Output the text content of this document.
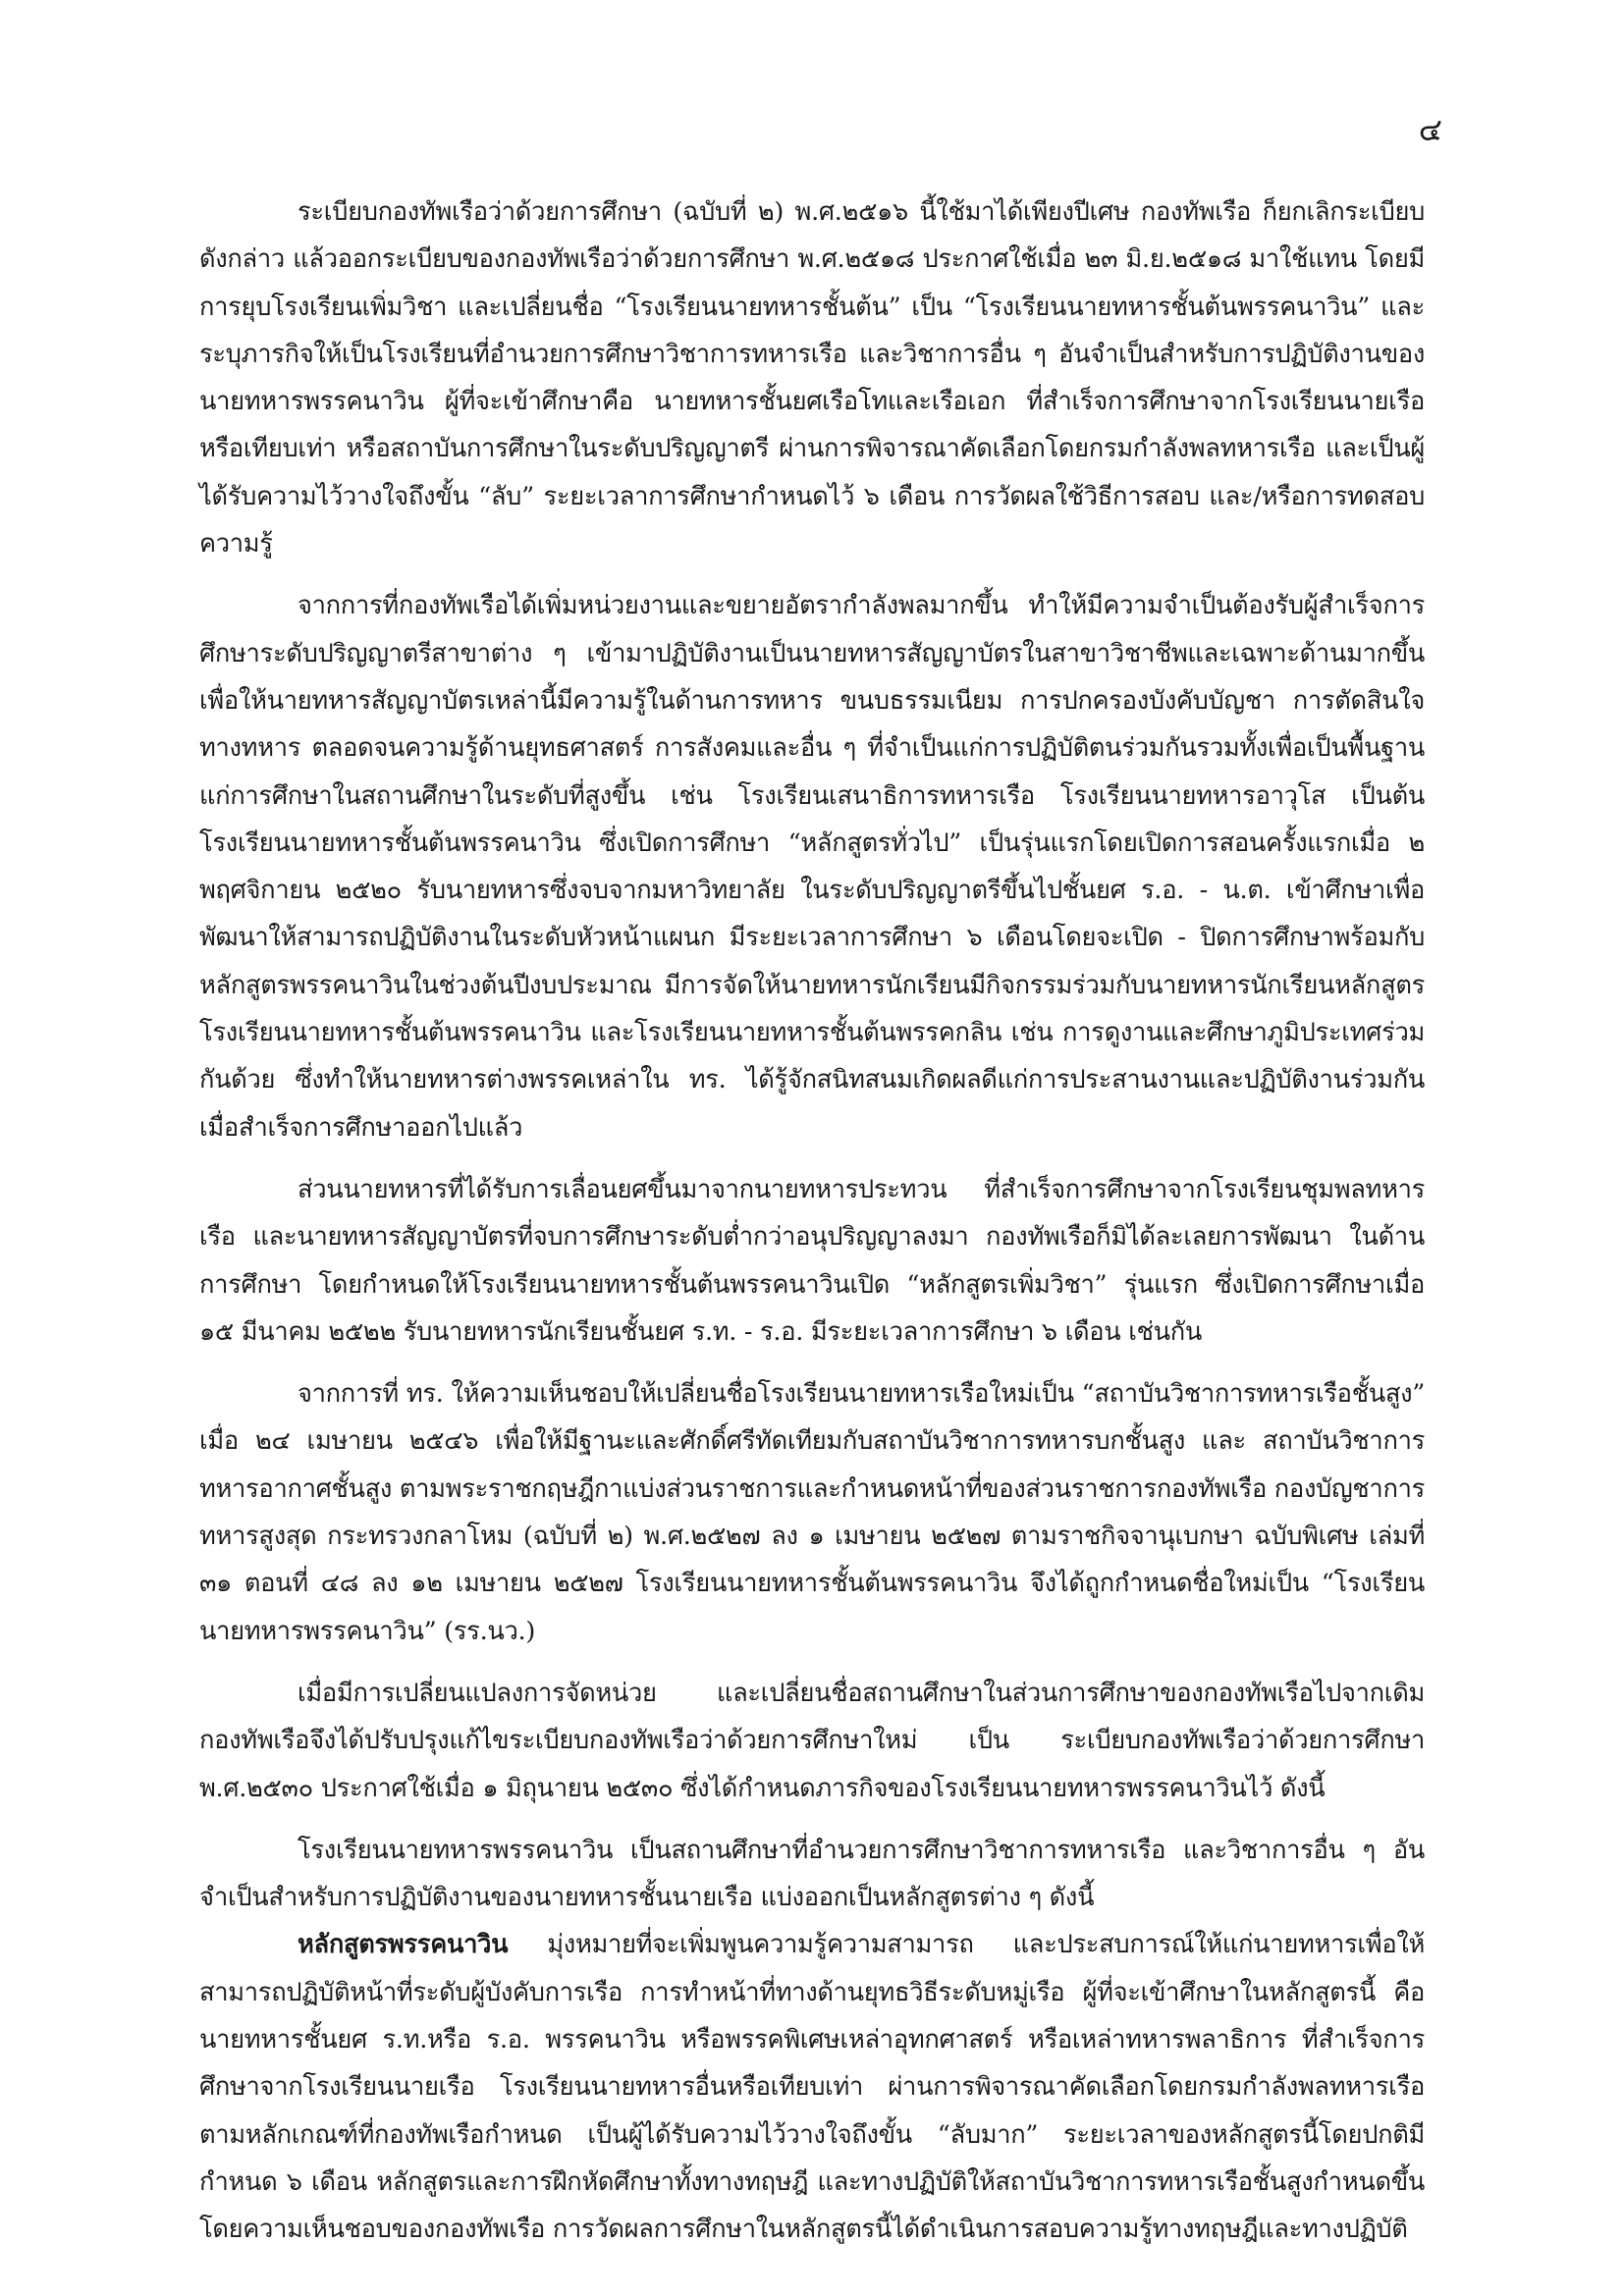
๔

ระเบียบกองทัพเรือว่าด้วยการศึกษา (ฉบับที่ ๒) พ.ศ.๒๕๑๖ นี้ใช้มาได้เพียงปีเศษ กองทัพเรือ ก็ยกเลิกระเบียบดังกล่าว แล้วออกระเบียบของกองทัพเรือว่าด้วยการศึกษา พ.ศ.๒๕๑๘ ประกาศใช้เมื่อ ๒๓ มิ.ย.๒๕๑๘ มาใช้แทน โดยมีการยุบโรงเรียนเพิ่มวิชา และเปลี่ยนชื่อ “โรงเรียนนายทหารชั้นต้น” เป็น “โรงเรียนนายทหารชั้นต้นพรรคนาวิน” และระบุภารกิจให้เป็นโรงเรียนที่อำนวยการศึกษาวิชาการทหารเรือ และวิชาการอื่น ๆ อันจำเป็นสำหรับการปฏิบัติงานของนายทหารพรรคนาวิน ผู้ที่จะเข้าศึกษาคือ นายทหารชั้นยศเรือโทและเรือเอก ที่สำเร็จการศึกษาจากโรงเรียนนายเรือหรือเทียบเท่า หรือสถาบันการศึกษาในระดับปริญญาตรี ผ่านการพิจารณาคัดเลือกโดยกรมกำลังพลทหารเรือ และเป็นผู้ได้รับความไว้วางใจถึงขั้น “ลับ” ระยะเวลาการศึกษากำหนดไว้ ๖ เดือน การวัดผลใช้วิธีการสอบ และ/หรือการทดสอบความรู้

จากการที่กองทัพเรือได้เพิ่มหน่วยงานและขยายอัตรากำลังพลมากขึ้น ทำให้มีความจำเป็นต้องรับผู้สำเร็จการศึกษาระดับปริญญาตรีสาขาต่าง ๆ เข้ามาปฏิบัติงานเป็นนายทหารสัญญาบัตรในสาขาวิชาชีพและเฉพาะด้านมากขึ้น เพื่อให้นายทหารสัญญาบัตรเหล่านี้มีความรู้ในด้านการทหาร ขนบธรรมเนียม การปกครองบังคับบัญชา การตัดสินใจทางทหาร ตลอดจนความรู้ด้านยุทธศาสตร์ การสังคมและอื่น ๆ ที่จำเป็นแก่การปฏิบัติตนร่วมกันรวมทั้งเพื่อเป็นพื้นฐานแก่การศึกษาในสถานศึกษาในระดับที่สูงขึ้น เช่น โรงเรียนเสนาธิการทหารเรือ โรงเรียนนายทหารอาวุโส เป็นต้น โรงเรียนนายทหารชั้นต้นพรรคนาวิน ซึ่งเปิดการศึกษา “หลักสูตรทั่วไป” เป็นรุ่นแรกโดยเปิดการสอนครั้งแรกเมื่อ ๒ พฤศจิกายน ๒๕๒๐ รับนายทหารซึ่งจบจากมหาวิทยาลัย ในระดับปริญญาตรีขึ้นไปชั้นยศ ร.อ. - น.ต. เข้าศึกษาเพื่อพัฒนาให้สามารถปฏิบัติงานในระดับหัวหน้าแผนก มีระยะเวลาการศึกษา ๖ เดือนโดยจะเปิด - ปิดการศึกษาพร้อมกับหลักสูตรพรรคนาวินในช่วงต้นปีงบประมาณ มีการจัดให้นายทหารนักเรียนมีกิจกรรมร่วมกับนายทหารนักเรียนหลักสูตรโรงเรียนนายทหารชั้นต้นพรรคนาวิน และโรงเรียนนายทหารชั้นต้นพรรคกลิน เช่น การดูงานและศึกษาภูมิประเทศร่วมกันด้วย ซึ่งทำให้นายทหารต่างพรรคเหล่าใน ทร. ได้รู้จักสนิทสนมเกิดผลดีแก่การประสานงานและปฏิบัติงานร่วมกันเมื่อสำเร็จการศึกษาออกไปแล้ว

ส่วนนายทหารที่ได้รับการเลื่อนยศขึ้นมาจากนายทหารประทวน ที่สำเร็จการศึกษาจากโรงเรียนชุมพลทหารเรือ และนายทหารสัญญาบัตรที่จบการศึกษาระดับต่ำกว่าอนุปริญญาลงมา กองทัพเรือก็มิได้ละเลยการพัฒนา ในด้านการศึกษา โดยกำหนดให้โรงเรียนนายทหารชั้นต้นพรรคนาวินเปิด “หลักสูตรเพิ่มวิชา” รุ่นแรก ซึ่งเปิดการศึกษาเมื่อ ๑๕ มีนาคม ๒๕๒๒ รับนายทหารนักเรียนชั้นยศ ร.ท. - ร.อ. มีระยะเวลาการศึกษา ๖ เดือน เช่นกัน

จากการที่ ทร. ให้ความเห็นชอบให้เปลี่ยนชื่อโรงเรียนนายทหารเรือใหม่เป็น “สถาบันวิชาการทหารเรือชั้นสูง” เมื่อ ๒๔ เมษายน ๒๕๔๖ เพื่อให้มีฐานะและศักดิ์ศรีทัดเทียมกับสถาบันวิชาการทหารบกชั้นสูง และ สถาบันวิชาการทหารอากาศชั้นสูง ตามพระราชกฤษฎีกาแบ่งส่วนราชการและกำหนดหน้าที่ของส่วนราชการกองทัพเรือ กองบัญชาการทหารสูงสุด กระทรวงกลาโหม (ฉบับที่ ๒) พ.ศ.๒๕๒๗ ลง ๑ เมษายน ๒๕๒๗ ตามราชกิจจานุเบกษา ฉบับพิเศษ เล่มที่ ๓๑ ตอนที่ ๔๘ ลง ๑๒ เมษายน ๒๕๒๗ โรงเรียนนายทหารชั้นต้นพรรคนาวิน จึงได้ถูกกำหนดชื่อใหม่เป็น “โรงเรียนนายทหารพรรคนาวิน” (รร.นว.)

เมื่อมีการเปลี่ยนแปลงการจัดหน่วย และเปลี่ยนชื่อสถานศึกษาในส่วนการศึกษาของกองทัพเรือไปจากเดิมกองทัพเรือจึงได้ปรับปรุงแก้ไขระเบียบกองทัพเรือว่าด้วยการศึกษาใหม่ เป็น ระเบียบกองทัพเรือว่าด้วยการศึกษา พ.ศ.๒๕๓๐ ประกาศใช้เมื่อ ๑ มิถุนายน ๒๕๓๐ ซึ่งได้กำหนดภารกิจของโรงเรียนนายทหารพรรคนาวินไว้ ดังนี้

โรงเรียนนายทหารพรรคนาวิน เป็นสถานศึกษาที่อำนวยการศึกษาวิชาการทหารเรือ และวิชาการอื่น ๆ อันจำเป็นสำหรับการปฏิบัติงานของนายทหารชั้นนายเรือ แบ่งออกเป็นหลักสูตรต่าง ๆ ดังนี้

หลักสูตรพรรคนาวิน มุ่งหมายที่จะเพิ่มพูนความรู้ความสามารถ และประสบการณ์ให้แก่นายทหารเพื่อให้สามารถปฏิบัติหน้าที่ระดับผู้บังคับการเรือ การทำหน้าที่ทางด้านยุทธวิธีระดับหมู่เรือ ผู้ที่จะเข้าศึกษาในหลักสูตรนี้ คือ นายทหารชั้นยศ ร.ท.หรือ ร.อ. พรรคนาวิน หรือพรรคพิเศษเหล่าอุทกศาสตร์ หรือเหล่าทหารพลาธิการ ที่สำเร็จการศึกษาจากโรงเรียนนายเรือ โรงเรียนนายทหารอื่นหรือเทียบเท่า ผ่านการพิจารณาคัดเลือกโดยกรมกำลังพลทหารเรือตามหลักเกณฑ์ที่กองทัพเรือกำหนด เป็นผู้ได้รับความไว้วางใจถึงขั้น “ลับมาก” ระยะเวลาของหลักสูตรนี้โดยปกติมีกำหนด ๖ เดือน หลักสูตรและการฝึกหัดศึกษาทั้งทางทฤษฎี และทางปฏิบัติให้สถาบันวิชาการทหารเรือชั้นสูงกำหนดขึ้น โดยความเห็นชอบของกองทัพเรือ การวัดผลการศึกษาในหลักสูตรนี้ได้ดำเนินการสอบความรู้ทางทฤษฎีและทางปฏิบัติ
